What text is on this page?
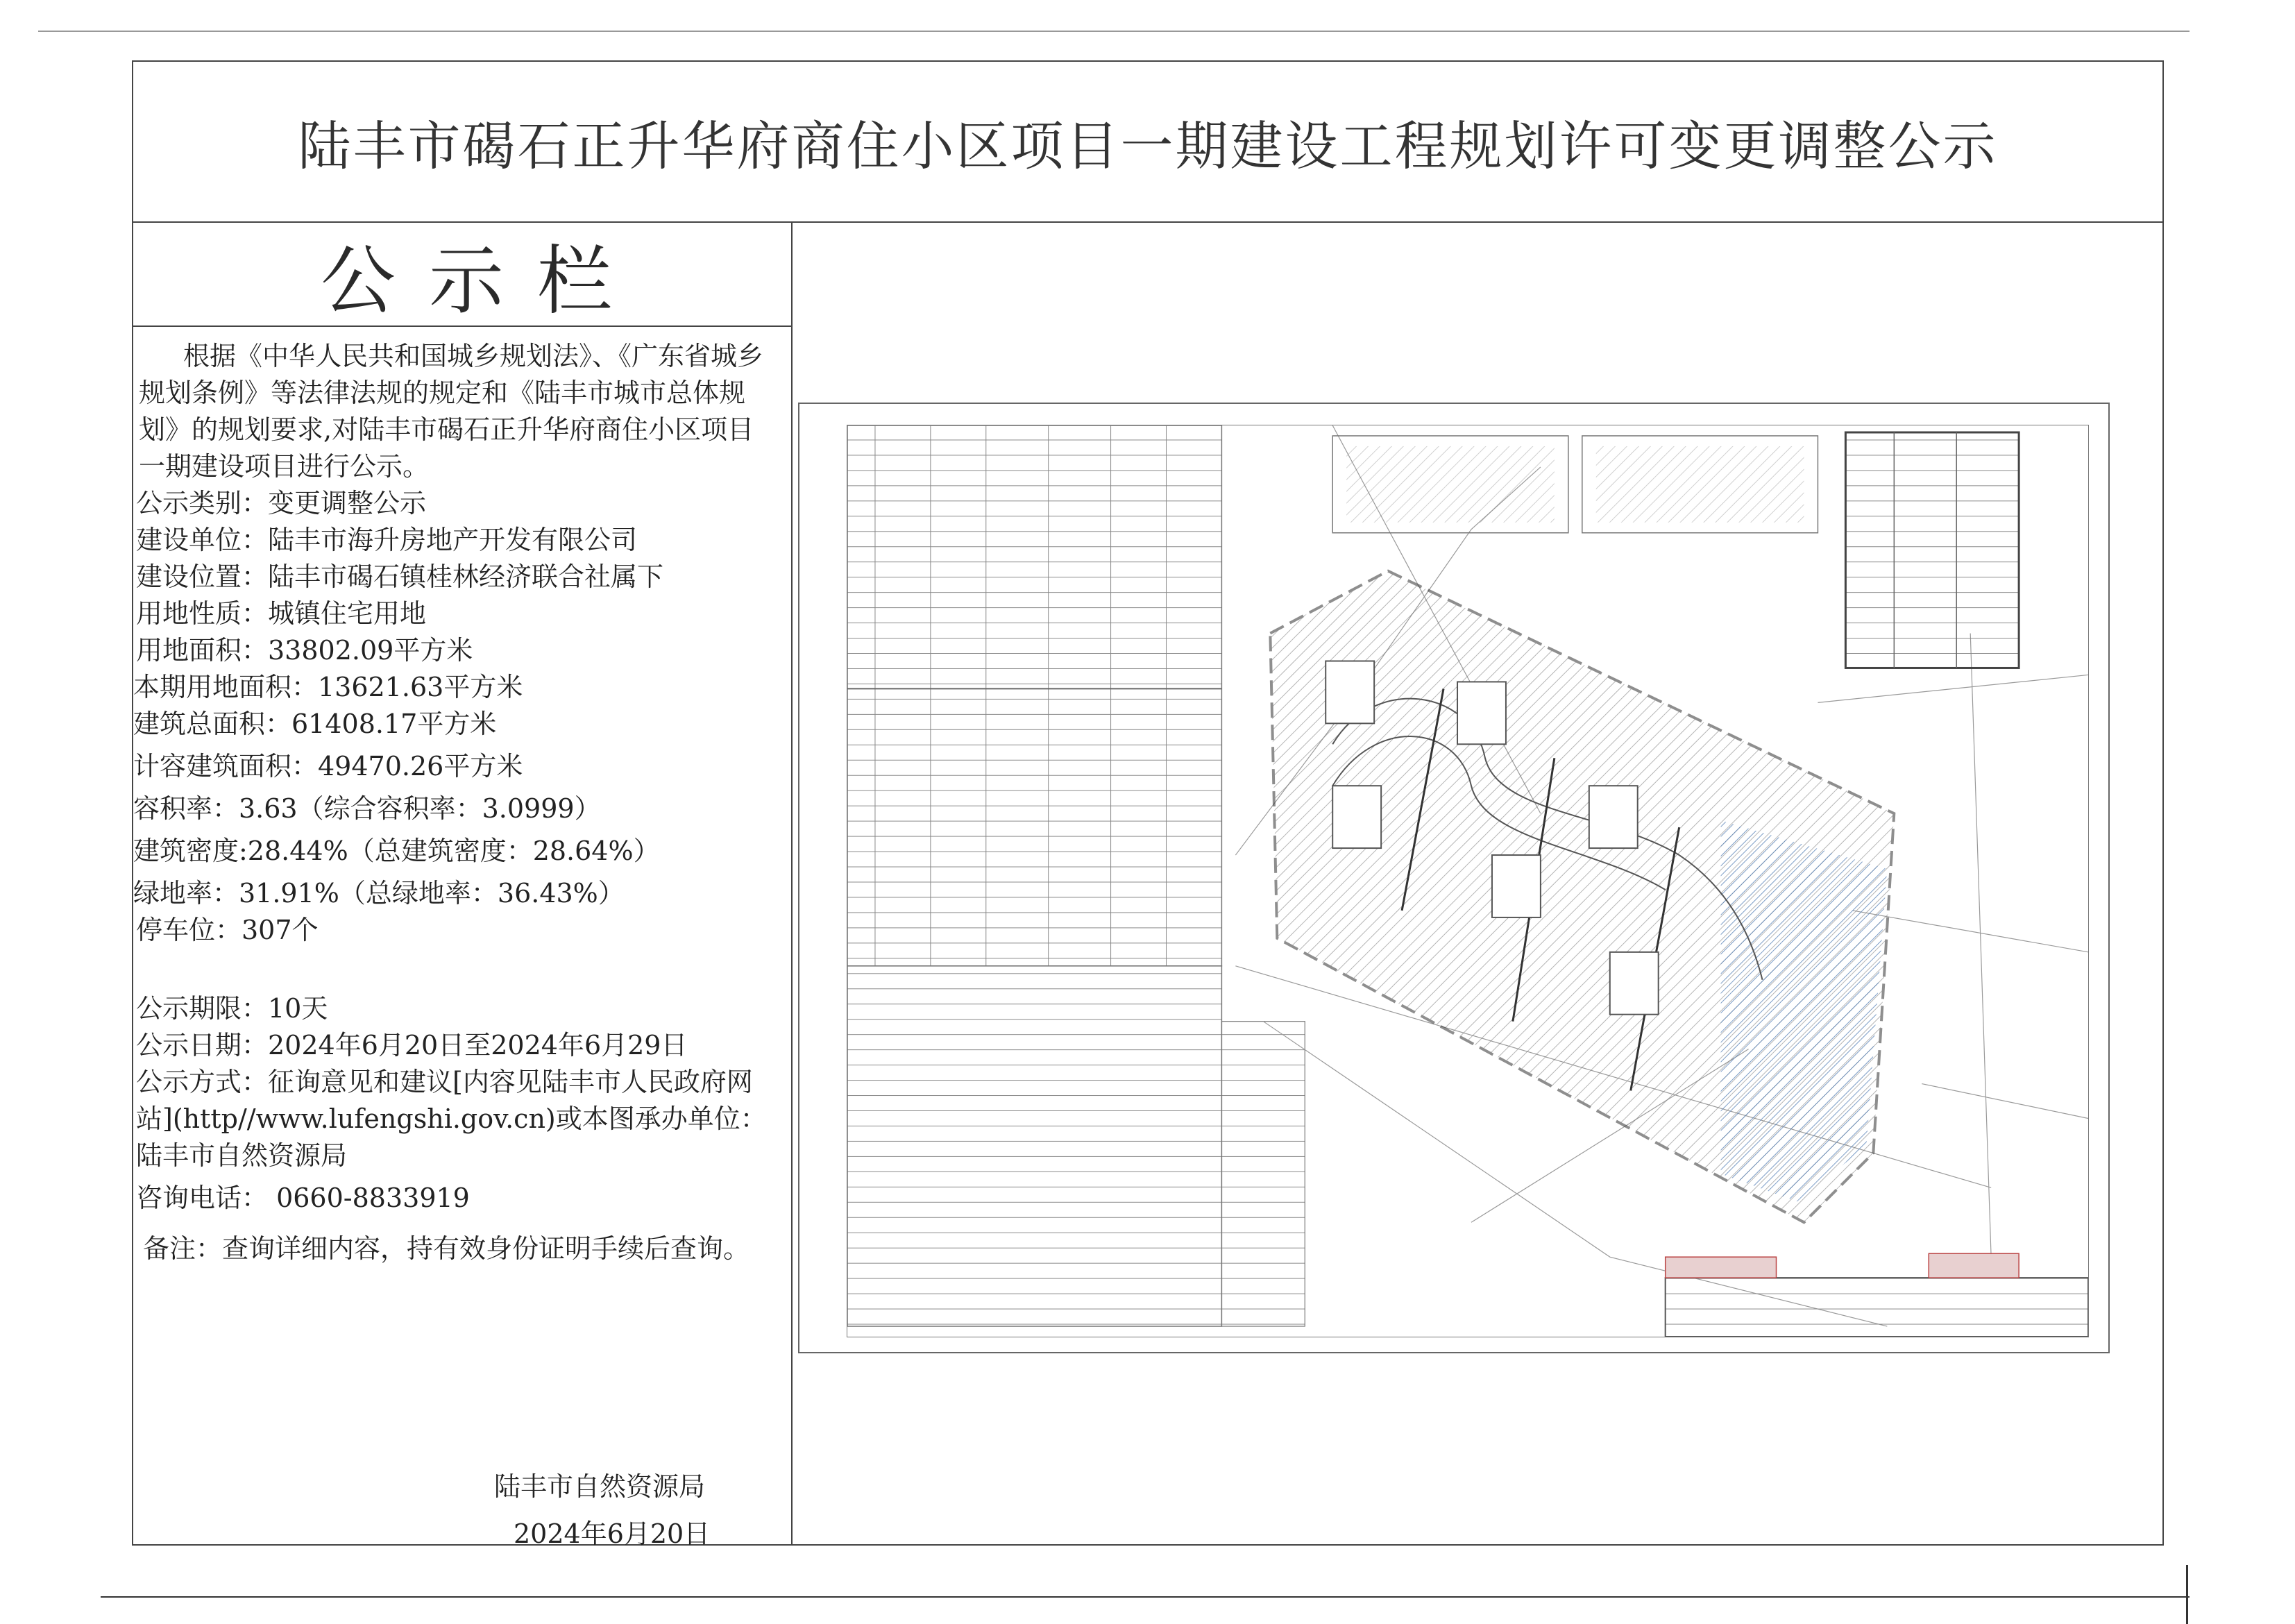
陆丰市碣石正升华府商住小区项目一期建设工程规划许可变更调整公示
公示栏

根据《中华人民共和国城乡规划法》、《广东省城乡规划条例》等法律法规的规定和《陆丰市城市总体规划》的规划要求,对陆丰市碣石正升华府商住小区项目一期建设项目进行公示。

公示类别：变更调整公示

建设单位：陆丰市海升房地产开发有限公司

建设位置：陆丰市碣石镇桂林经济联合社属下

用地性质：城镇住宅用地

用地面积：33802.09平方米

本期用地面积：13621.63平方米

建筑总面积：61408.17平方米

计容建筑面积：49470.26平方米

容积率：3.63（综合容积率：3.0999）

建筑密度:28.44%（总建筑密度：28.64%）

绿地率：31.91%（总绿地率：36.43%）

停车位：307个

公示期限：10天

公示日期：2024年6月20日至2024年6月29日

公示方式：征询意见和建议[内容见陆丰市人民政府网站](http//www.lufengshi.gov.cn)或本图承办单位：陆丰市自然资源局

咨询电话： 0660-8833919

备注：查询详细内容，持有效身份证明手续后查询。

陆丰市自然资源局
2024年6月20日
